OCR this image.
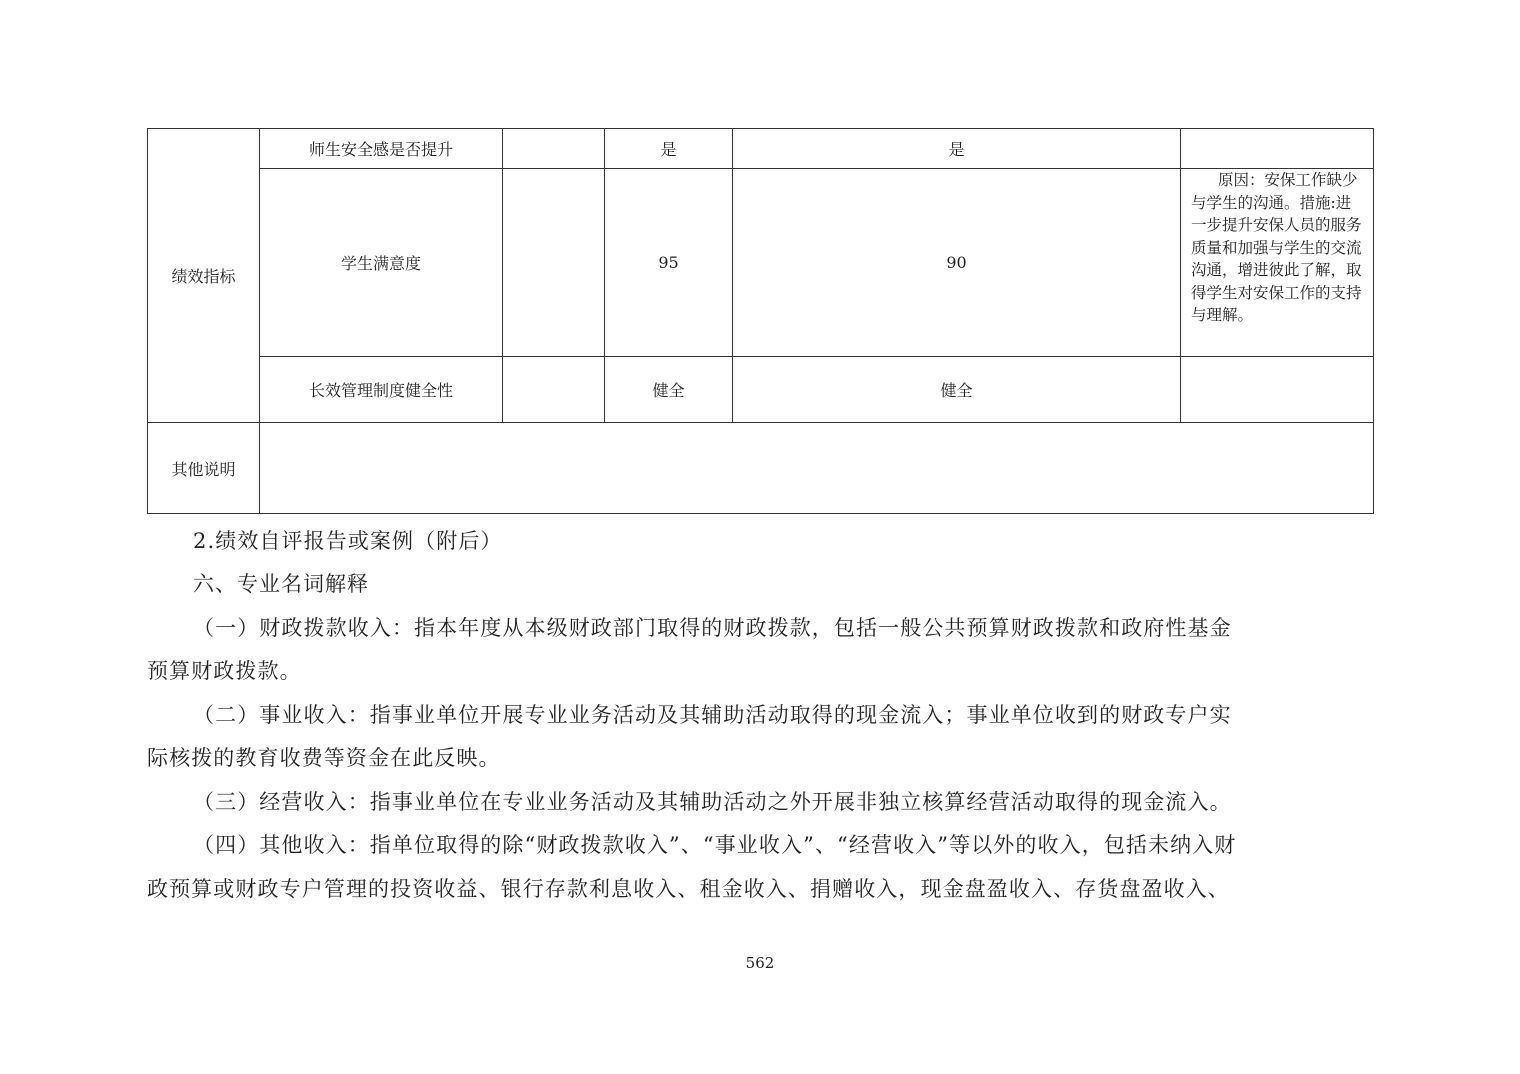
绩效指标	师生安全感是否提升		是	是	
	学生满意度		95	90	原因：安保工作缺少与学生的沟通。措施:进一步提升安保人员的服务质量和加强与学生的交流沟通，增进彼此了解，取得学生对安保工作的支持与理解。
	长效管理制度健全性		健全	健全	
其他说明					
2.绩效自评报告或案例（附后）
六、专业名词解释
（一）财政拨款收入：指本年度从本级财政部门取得的财政拨款，包括一般公共预算财政拨款和政府性基金
预算财政拨款。
（二）事业收入：指事业单位开展专业业务活动及其辅助活动取得的现金流入；事业单位收到的财政专户实
际核拨的教育收费等资金在此反映。
（三）经营收入：指事业单位在专业业务活动及其辅助活动之外开展非独立核算经营活动取得的现金流入。
（四）其他收入：指单位取得的除“财政拨款收入”、“事业收入”、“经营收入”等以外的收入，包括未纳入财
政预算或财政专户管理的投资收益、银行存款利息收入、租金收入、捐赠收入，现金盘盈收入、存货盘盈收入、
562
